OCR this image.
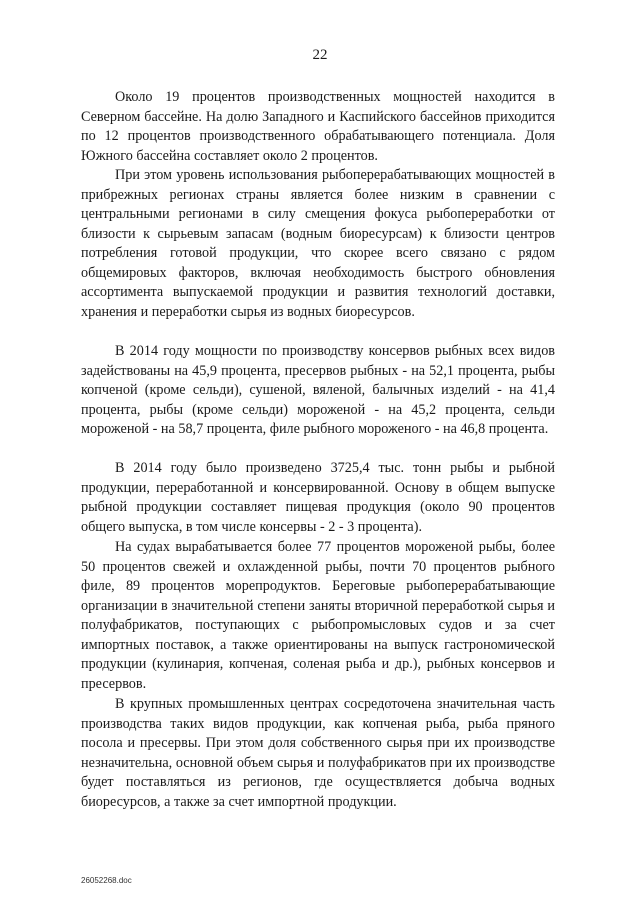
22

Около 19 процентов производственных мощностей находится в Северном бассейне. На долю Западного и Каспийского бассейнов приходится по 12 процентов производственного обрабатывающего потенциала. Доля Южного бассейна составляет около 2 процентов.

При этом уровень использования рыбоперерабатывающих мощностей в прибрежных регионах страны является более низким в сравнении с центральными регионами в силу смещения фокуса рыбопереработки от близости к сырьевым запасам (водным биоресурсам) к близости центров потребления готовой продукции, что скорее всего связано с рядом общемировых факторов, включая необходимость быстрого обновления ассортимента выпускаемой продукции и развития технологий доставки, хранения и переработки сырья из водных биоресурсов.

В 2014 году мощности по производству консервов рыбных всех видов задействованы на 45,9 процента, пресервов рыбных - на 52,1 процента, рыбы копченой (кроме сельди), сушеной, вяленой, балычных изделий - на 41,4 процента, рыбы (кроме сельди) мороженой - на 45,2 процента, сельди мороженой - на 58,7 процента, филе рыбного мороженого - на 46,8 процента.

В 2014 году было произведено 3725,4 тыс. тонн рыбы и рыбной продукции, переработанной и консервированной. Основу в общем выпуске рыбной продукции составляет пищевая продукция (около 90 процентов общего выпуска, в том числе консервы - 2 - 3 процента).

На судах вырабатывается более 77 процентов мороженой рыбы, более 50 процентов свежей и охлажденной рыбы, почти 70 процентов рыбного филе, 89 процентов морепродуктов. Береговые рыбоперерабатывающие организации в значительной степени заняты вторичной переработкой сырья и полуфабрикатов, поступающих с рыбопромысловых судов и за счет импортных поставок, а также ориентированы на выпуск гастрономической продукции (кулинария, копченая, соленая рыба и др.), рыбных консервов и пресервов.

В крупных промышленных центрах сосредоточена значительная часть производства таких видов продукции, как копченая рыба, рыба пряного посола и пресервы. При этом доля собственного сырья при их производстве незначительна, основной объем сырья и полуфабрикатов при их производстве будет поставляться из регионов, где осуществляется добыча водных биоресурсов, а также за счет импортной продукции.

26052268.doc
